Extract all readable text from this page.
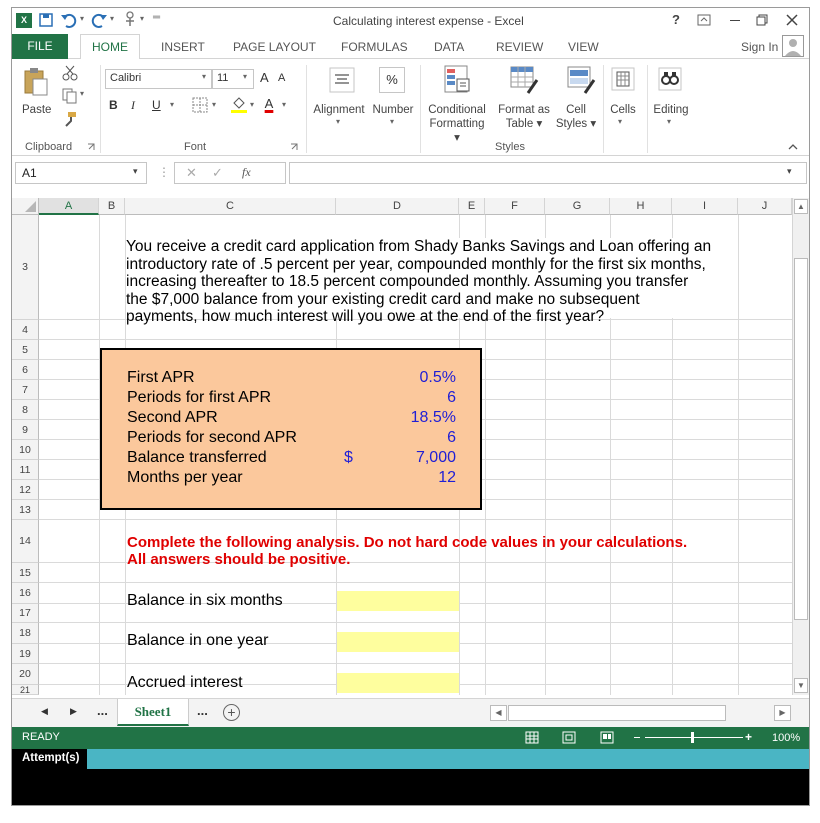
X	▾	▾	▾ ═	Calculating interest expense - Excel	?
FILE	HOME	INSERT PAGE LAYOUT FORMULAS DATA	REVIEW VIEW	Sign In
Paste
▾
Clipboard
Calibri	▾ 11	▾ A A
B I U ▾	▾	▾ A	▾
Font
Alignment
▾
%
Number
▾
Conditional
Formatting ▾
Format as
Table ▾
Cell
Styles ▾
Styles
Cells
▾
Editing
▾
A1	▾ ⋮ ✕ ✓ fx	▾
A	B	C	D	E	F	G	H	I	J
3
4
5
6
7
8
9
10
11
12
13
14
15
16
17
18
19
20
21
You receive a credit card application from Shady Banks Savings and Loan offering an
introductory rate of .5 percent per year, compounded monthly for the first six months,
increasing thereafter to 18.5 percent compounded monthly. Assuming you transfer
the $7,000 balance from your existing credit card and make no subsequent
payments, how much interest will you owe at the end of the first year?
First APR	0.5%
Periods for first APR	6
Second APR	18.5%
Periods for second APR	6
Balance transferred	$	7,000
Months per year	12
Complete the following analysis. Do not hard code values in your calculations.
All answers should be positive.
Balance in six months
Balance in one year
Accrued interest
▲
▼
◀ ▶ ...	Sheet1	...	+	◀	▶
READY	+ 100%
Attempt(s)
